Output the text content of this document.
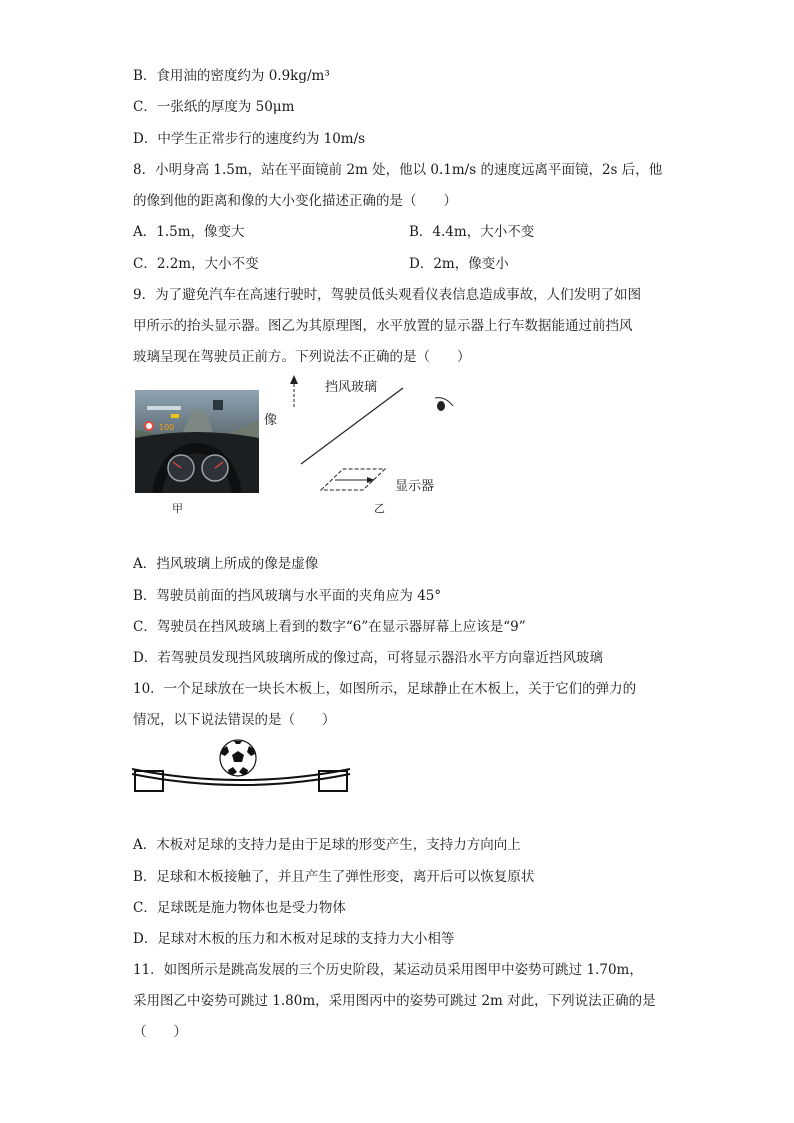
B．食用油的密度约为 0.9kg/m³
C．一张纸的厚度为 50μm
D．中学生正常步行的速度约为 10m/s
8．小明身高 1.5m，站在平面镜前 2m 处，他以 0.1m/s 的速度远离平面镜，2s 后，他
的像到他的距离和像的大小变化描述正确的是（　　）
A．1.5m，像变大	B．4.4m，大小不变
C．2.2m，大小不变	D．2m，像变小
9．为了避免汽车在高速行驶时，驾驶员低头观看仪表信息造成事故，人们发明了如图
甲所示的抬头显示器。图乙为其原理图，水平放置的显示器上行车数据能通过前挡风
玻璃呈现在驾驶员正前方。下列说法不正确的是（　　）
100
甲
像
挡风玻璃
显示器
乙
A．挡风玻璃上所成的像是虚像
B．驾驶员前面的挡风玻璃与水平面的夹角应为 45°
C．驾驶员在挡风玻璃上看到的数字“6”在显示器屏幕上应该是“9”
D．若驾驶员发现挡风玻璃所成的像过高，可将显示器沿水平方向靠近挡风玻璃
10．一个足球放在一块长木板上，如图所示，足球静止在木板上，关于它们的弹力的
情况，以下说法错误的是（　　）
A．木板对足球的支持力是由于足球的形变产生，支持力方向向上
B．足球和木板接触了，并且产生了弹性形变，离开后可以恢复原状
C．足球既是施力物体也是受力物体
D．足球对木板的压力和木板对足球的支持力大小相等
11．如图所示是跳高发展的三个历史阶段，某运动员采用图甲中姿势可跳过 1.70m，
采用图乙中姿势可跳过 1.80m，采用图丙中的姿势可跳过 2m 对此，下列说法正确的是
（　　）
